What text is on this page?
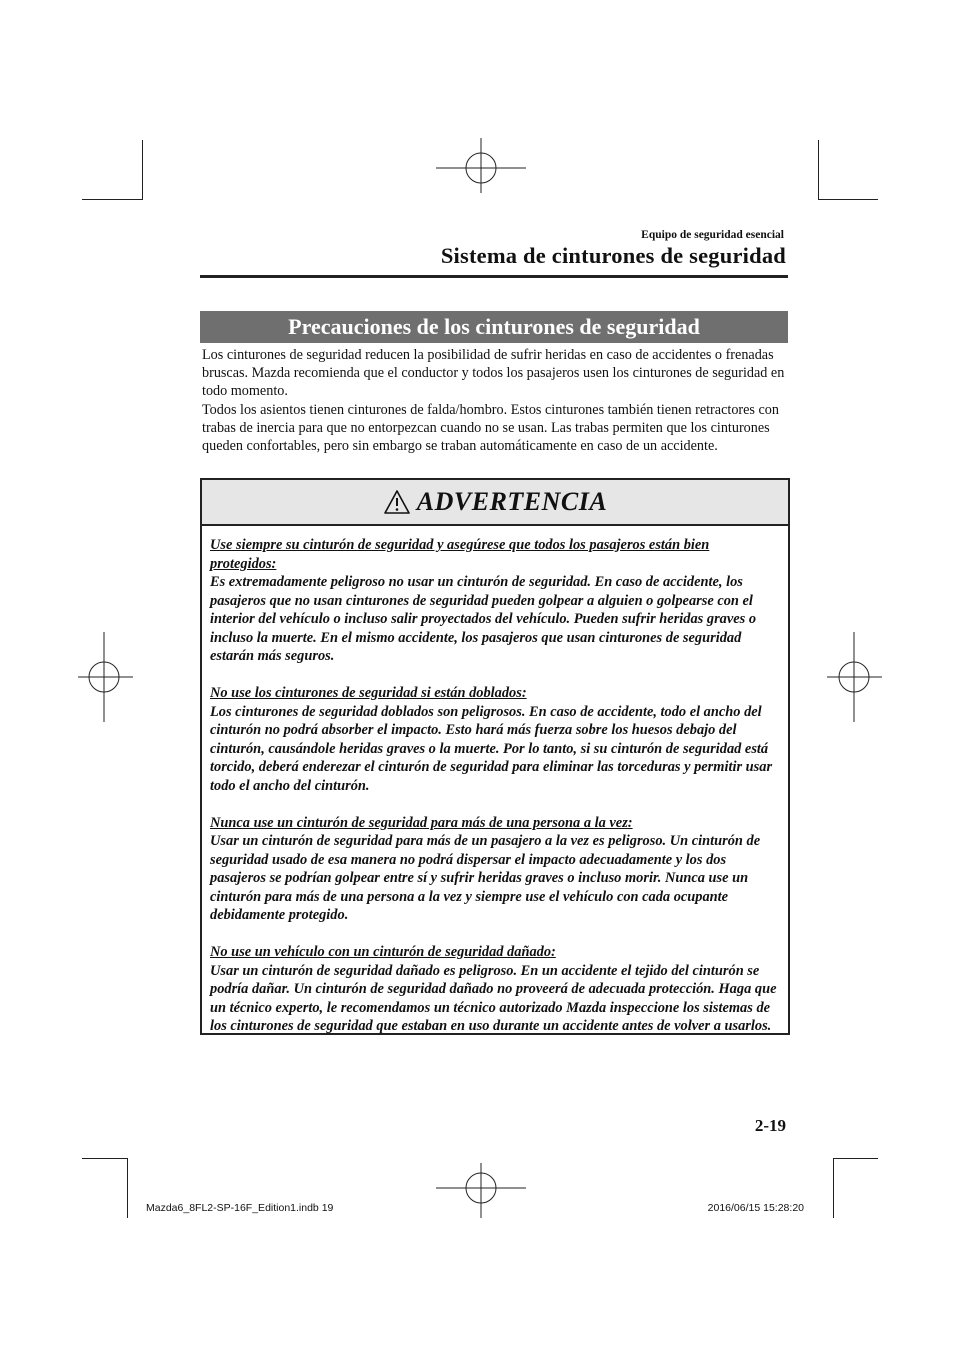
Equipo de seguridad esencial
Sistema de cinturones de seguridad
Precauciones de los cinturones de seguridad

Los cinturones de seguridad reducen la posibilidad de sufrir heridas en caso de accidentes o frenadas bruscas. Mazda recomienda que el conductor y todos los pasajeros usen los cinturones de seguridad en todo momento.

Todos los asientos tienen cinturones de falda/hombro. Estos cinturones también tienen retractores con trabas de inercia para que no entorpezcan cuando no se usan. Las trabas permiten que los cinturones queden confortables, pero sin embargo se traban automáticamente en caso de un accidente.

ADVERTENCIA
Use siempre su cinturón de seguridad y asegúrese que todos los pasajeros están bien protegidos:

Es extremadamente peligroso no usar un cinturón de seguridad. En caso de accidente, los pasajeros que no usan cinturones de seguridad pueden golpear a alguien o golpearse con el interior del vehículo o incluso salir proyectados del vehículo. Pueden sufrir heridas graves o incluso la muerte. En el mismo accidente, los pasajeros que usan cinturones de seguridad estarán más seguros.

No use los cinturones de seguridad si están doblados:

Los cinturones de seguridad doblados son peligrosos. En caso de accidente, todo el ancho del cinturón no podrá absorber el impacto. Esto hará más fuerza sobre los huesos debajo del cinturón, causándole heridas graves o la muerte. Por lo tanto, si su cinturón de seguridad está torcido, deberá enderezar el cinturón de seguridad para eliminar las torceduras y permitir usar todo el ancho del cinturón.

Nunca use un cinturón de seguridad para más de una persona a la vez:

Usar un cinturón de seguridad para más de un pasajero a la vez es peligroso. Un cinturón de seguridad usado de esa manera no podrá dispersar el impacto adecuadamente y los dos pasajeros se podrían golpear entre sí y sufrir heridas graves o incluso morir. Nunca use un cinturón para más de una persona a la vez y siempre use el vehículo con cada ocupante debidamente protegido.

No use un vehículo con un cinturón de seguridad dañado:

Usar un cinturón de seguridad dañado es peligroso. En un accidente el tejido del cinturón se podría dañar. Un cinturón de seguridad dañado no proveerá de adecuada protección. Haga que un técnico experto, le recomendamos un técnico autorizado Mazda inspeccione los sistemas de los cinturones de seguridad que estaban en uso durante un accidente antes de volver a usarlos.

2-19
Mazda6_8FL2-SP-16F_Edition1.indb 19	2016/06/15 15:28:20
